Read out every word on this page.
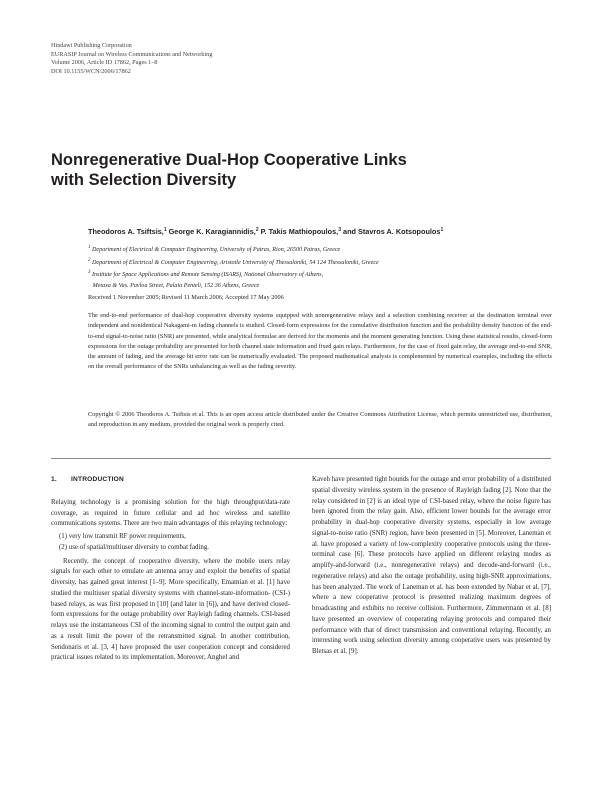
Hindawi Publishing Corporation
EURASIP Journal on Wireless Communications and Networking
Volume 2006, Article ID 17862, Pages 1–8
DOI 10.1155/WCN/2006/17862
Nonregenerative Dual-Hop Cooperative Links
with Selection Diversity
Theodoros A. Tsiftsis,$^1$ George K. Karagiannidis,$^2$ P. Takis Mathiopoulos,$^3$ and Stavros A. Kotsopoulos$^1$
$^1$ Department of Electrical & Computer Engineering, University of Patras, Rion, 26500 Patras, Greece
$^2$ Department of Electrical & Computer Engineering, Aristotle University of Thessaloniki, 54 124 Thessaloniki, Greece
$^3$ Institute for Space Applications and Remote Sensing (ISARS), National Observatory of Athens,
Metaxa & Vas. Pavlou Street, Palaia Penteli, 152 36 Athens, Greece
Received 1 November 2005; Revised 11 March 2006; Accepted 17 May 2006

The end-to-end performance of dual-hop cooperative diversity systems equipped with nonregenerative relays and a selection combining receiver at the destination terminal over independent and nonidentical Nakagami-m fading channels is studied. Closed-form expressions for the cumulative distribution function and the probability density function of the end-to-end signal-to-noise ratio (SNR) are presented, while analytical formulae are derived for the moments and the moment generating function. Using these statistical results, closed-form expressions for the outage probability are presented for both channel state information and fixed gain relays. Furthermore, for the case of fixed gain relay, the average end-to-end SNR, the amount of fading, and the average bit error rate can be numerically evaluated. The proposed mathematical analysis is complemented by numerical examples, including the effects on the overall performance of the SNRs unbalancing as well as the fading severity.

Copyright © 2006 Theodoros A. Tsiftsis et al. This is an open access article distributed under the Creative Commons Attribution License, which permits unrestricted use, distribution, and reproduction in any medium, provided the original work is properly cited.

1. INTRODUCTION

Relaying technology is a promising solution for the high throughput/data-rate coverage, as required in future cellular and ad hoc wireless and satellite communications systems. There are two main advantages of this relaying technology:

(1) very low transmit RF power requirements,
(2) use of spatial/multiuser diversity to combat fading.

Recently, the concept of cooperative diversity, where the mobile users relay signals for each other to emulate an antenna array and exploit the benefits of spatial diversity, has gained great interest [1–9]. More specifically, Emamian et al. [1] have studied the multiuser spatial diversity systems with channel-state-information- (CSI-) based relays, as was first proposed in [10] (and later in [6]), and have derived closed-form expressions for the outage probability over Rayleigh fading channels. CSI-based relays use the instantaneous CSI of the incoming signal to control the output gain and as a result limit the power of the retransmitted signal. In another contribution, Sendonaris et al. [3, 4] have proposed the user cooperation concept and considered practical issues related to its implementation. Moreover, Anghel and

Kaveh have presented tight bounds for the outage and error probability of a distributed spatial diversity wireless system in the presence of Rayleigh fading [2]. Note that the relay considered in [2] is an ideal type of CSI-based relay, where the noise figure has been ignored from the relay gain. Also, efficient lower bounds for the average error probability in dual-hop cooperative diversity systems, especially in low average signal-to-noise ratio (SNR) region, have been presented in [5]. Moreover, Laneman et al. have proposed a variety of low-complexity cooperative protocols using the three-terminal case [6]. These protocols have applied on different relaying modes as amplify-and-forward (i.e., nonregenerative relays) and decode-and-forward (i.e., regenerative relays) and also the outage probability, using high-SNR approximations, has been analyzed. The work of Laneman et al. has been extended by Nabar et al. [7], where a new cooperative protocol is presented realizing maximum degrees of broadcasting and exhibits no receive collision. Furthermore, Zimmermann et al. [8] have presented an overview of cooperating relaying protocols and compared their performance with that of direct transmission and conventional relaying. Recently, an interesting work using selection diversity among cooperative users was presented by Bletsas et al. [9].
